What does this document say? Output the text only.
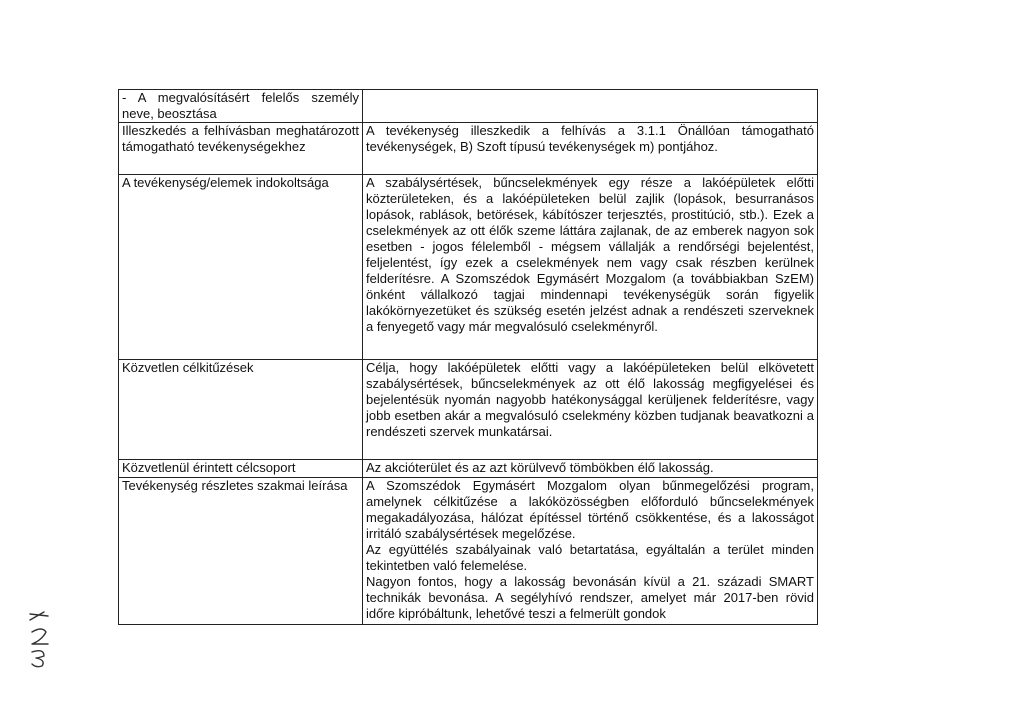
- A megvalósításért felelős személy neve, beosztása	

Illeszkedés a felhívásban meghatározott támogatható tevékenységekhez	A tevékenység illeszkedik a felhívás a 3.1.1 Önállóan támogatható tevékenységek, B) Szoft típusú tevékenységek m) pontjához.

A tevékenység/elemek indokoltsága	A szabálysértések, bűncselekmények egy része a lakóépületek előtti közterületeken, és a lakóépületeken belül zajlik (lopások, besurranásos lopások, rablások, betörések, kábítószer terjesztés, prostitúció, stb.). Ezek a cselekmények az ott élők szeme láttára zajlanak, de az emberek nagyon sok esetben - jogos félelemből - mégsem vállalják a rendőrségi bejelentést, feljelentést, így ezek a cselekmények nem vagy csak részben kerülnek felderítésre. A Szomszédok Egymásért Mozgalom (a továbbiakban SzEM) önként vállalkozó tagjai mindennapi tevékenységük során figyelik lakókörnyezetüket és szükség esetén jelzést adnak a rendészeti szerveknek a fenyegető vagy már megvalósuló cselekményről.

Közvetlen célkitűzések	Célja, hogy lakóépületek előtti vagy a lakóépületeken belül elkövetett szabálysértések, bűncselekmények az ott élő lakosság megfigyelései és bejelentésük nyomán nagyobb hatékonysággal kerüljenek felderítésre, vagy jobb esetben akár a megvalósuló cselekmény közben tudjanak beavatkozni a rendészeti szervek munkatársai.

Közvetlenül érintett célcsoport	Az akcióterület és az azt körülvevő tömbökben élő lakosság.

Tevékenység részletes szakmai leírása	A Szomszédok Egymásért Mozgalom olyan bűnmegelőzési program, amelynek célkitűzése a lakóközösségben előforduló bűncselekmények megakadályozása, hálózat építéssel történő csökkentése, és a lakosságot irritáló szabálysértések megelőzése.

Az együttélés szabályainak való betartatása, egyáltalán a terület minden tekintetben való felemelése.

Nagyon fontos, hogy a lakosság bevonásán kívül a 21. századi SMART technikák bevonása. A segélyhívó rendszer, amelyet már 2017-ben rövid időre kipróbáltunk, lehetővé teszi a felmerült gondok
